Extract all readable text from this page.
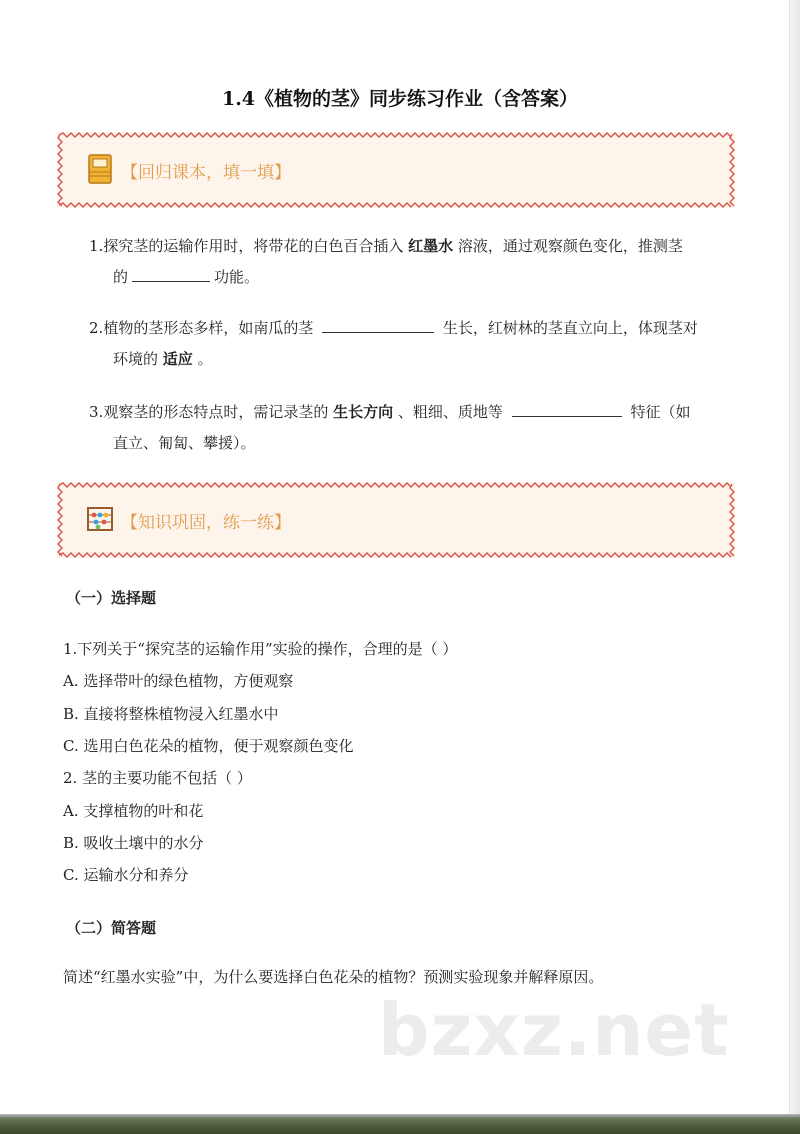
1.4《植物的茎》同步练习作业（含答案）
【回归课本，填一填】
1.探究茎的运输作用时，将带花的白色百合插入 红墨水 溶液，通过观察颜色变化，推测茎
的	功能。
2.植物的茎形态多样，如南瓜的茎	生长，红树林的茎直立向上，体现茎对
环境的 适应 。
3.观察茎的形态特点时，需记录茎的 生长方向 、粗细、质地等	特征（如
直立、匍匐、攀援）。
【知识巩固，练一练】
（一）选择题
1.下列关于“探究茎的运输作用”实验的操作，合理的是（ ）
A. 选择带叶的绿色植物，方便观察
B. 直接将整株植物浸入红墨水中
C. 选用白色花朵的植物，便于观察颜色变化
2. 茎的主要功能不包括（ ）
A. 支撑植物的叶和花
B. 吸收土壤中的水分
C. 运输水分和养分
（二）简答题
简述“红墨水实验”中，为什么要选择白色花朵的植物？预测实验现象并解释原因。
bzxz.net
